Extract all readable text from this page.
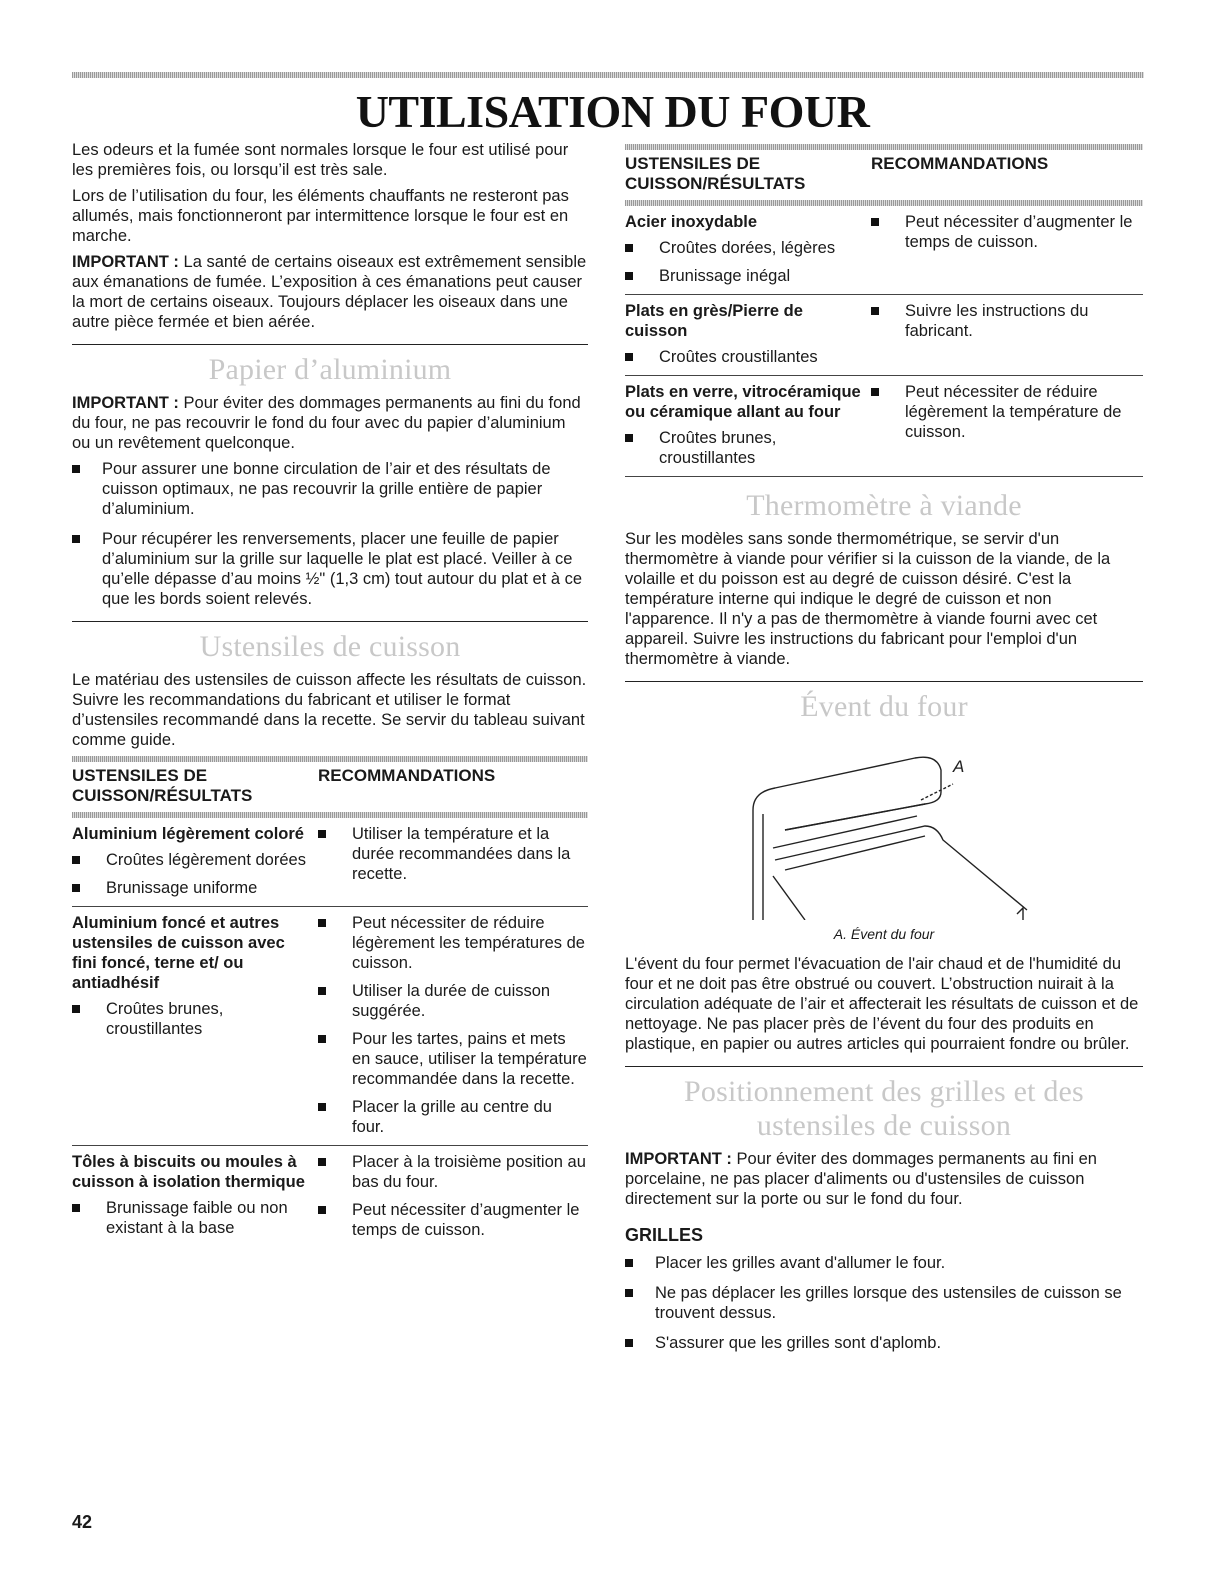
UTILISATION DU FOUR

Les odeurs et la fumée sont normales lorsque le four est utilisé pour les premières fois, ou lorsqu’il est très sale.

Lors de l’utilisation du four, les éléments chauffants ne resteront pas allumés, mais fonctionneront par intermittence lorsque le four est en marche.

IMPORTANT : La santé de certains oiseaux est extrêmement sensible aux émanations de fumée. L’exposition à ces émanations peut causer la mort de certains oiseaux. Toujours déplacer les oiseaux dans une autre pièce fermée et bien aérée.

Papier d’aluminium

IMPORTANT : Pour éviter des dommages permanents au fini du fond du four, ne pas recouvrir le fond du four avec du papier d’aluminium ou un revêtement quelconque.

Pour assurer une bonne circulation de l’air et des résultats de cuisson optimaux, ne pas recouvrir la grille entière de papier d’aluminium.
Pour récupérer les renversements, placer une feuille de papier d’aluminium sur la grille sur laquelle le plat est placé. Veiller à ce qu’elle dépasse d’au moins ½" (1,3 cm) tout autour du plat et à ce que les bords soient relevés.
Ustensiles de cuisson

Le matériau des ustensiles de cuisson affecte les résultats de cuisson. Suivre les recommandations du fabricant et utiliser le format d’ustensiles recommandé dans la recette. Se servir du tableau suivant comme guide.

USTENSILES DE CUISSON/RÉSULTATS
RECOMMANDATIONS
Aluminium légèrement coloré
Croûtes légèrement dorées
Brunissage uniforme
Utiliser la température et la durée recommandées dans la recette.
Aluminium foncé et autres ustensiles de cuisson avec fini foncé, terne et/ ou antiadhésif
Croûtes brunes, croustillantes
Peut nécessiter de réduire légèrement les températures de cuisson.
Utiliser la durée de cuisson suggérée.
Pour les tartes, pains et mets en sauce, utiliser la température recommandée dans la recette.
Placer la grille au centre du four.
Tôles à biscuits ou moules à cuisson à isolation thermique
Brunissage faible ou non existant à la base
Placer à la troisième position au bas du four.
Peut nécessiter d’augmenter le temps de cuisson.
USTENSILES DE CUISSON/RÉSULTATS
RECOMMANDATIONS
Acier inoxydable
Croûtes dorées, légères
Brunissage inégal
Peut nécessiter d’augmenter le temps de cuisson.
Plats en grès/Pierre de cuisson
Croûtes croustillantes
Suivre les instructions du fabricant.
Plats en verre, vitrocéramique ou céramique allant au four
Croûtes brunes, croustillantes
Peut nécessiter de réduire légèrement la température de cuisson.
Thermomètre à viande

Sur les modèles sans sonde thermométrique, se servir d'un thermomètre à viande pour vérifier si la cuisson de la viande, de la volaille et du poisson est au degré de cuisson désiré. C'est la température interne qui indique le degré de cuisson et non l'apparence. Il n'y a pas de thermomètre à viande fourni avec cet appareil. Suivre les instructions du fabricant pour l'emploi d'un thermomètre à viande.

Évent du four
A
A. Évent du four

L'évent du four permet l'évacuation de l'air chaud et de l'humidité du four et ne doit pas être obstrué ou couvert. L’obstruction nuirait à la circulation adéquate de l’air et affecterait les résultats de cuisson et de nettoyage. Ne pas placer près de l’évent du four des produits en plastique, en papier ou autres articles qui pourraient fondre ou brûler.

Positionnement des grilles et des ustensiles de cuisson

IMPORTANT : Pour éviter des dommages permanents au fini en porcelaine, ne pas placer d'aliments ou d'ustensiles de cuisson directement sur la porte ou sur le fond du four.

GRILLES
Placer les grilles avant d'allumer le four.
Ne pas déplacer les grilles lorsque des ustensiles de cuisson se trouvent dessus.
S'assurer que les grilles sont d'aplomb.
42
